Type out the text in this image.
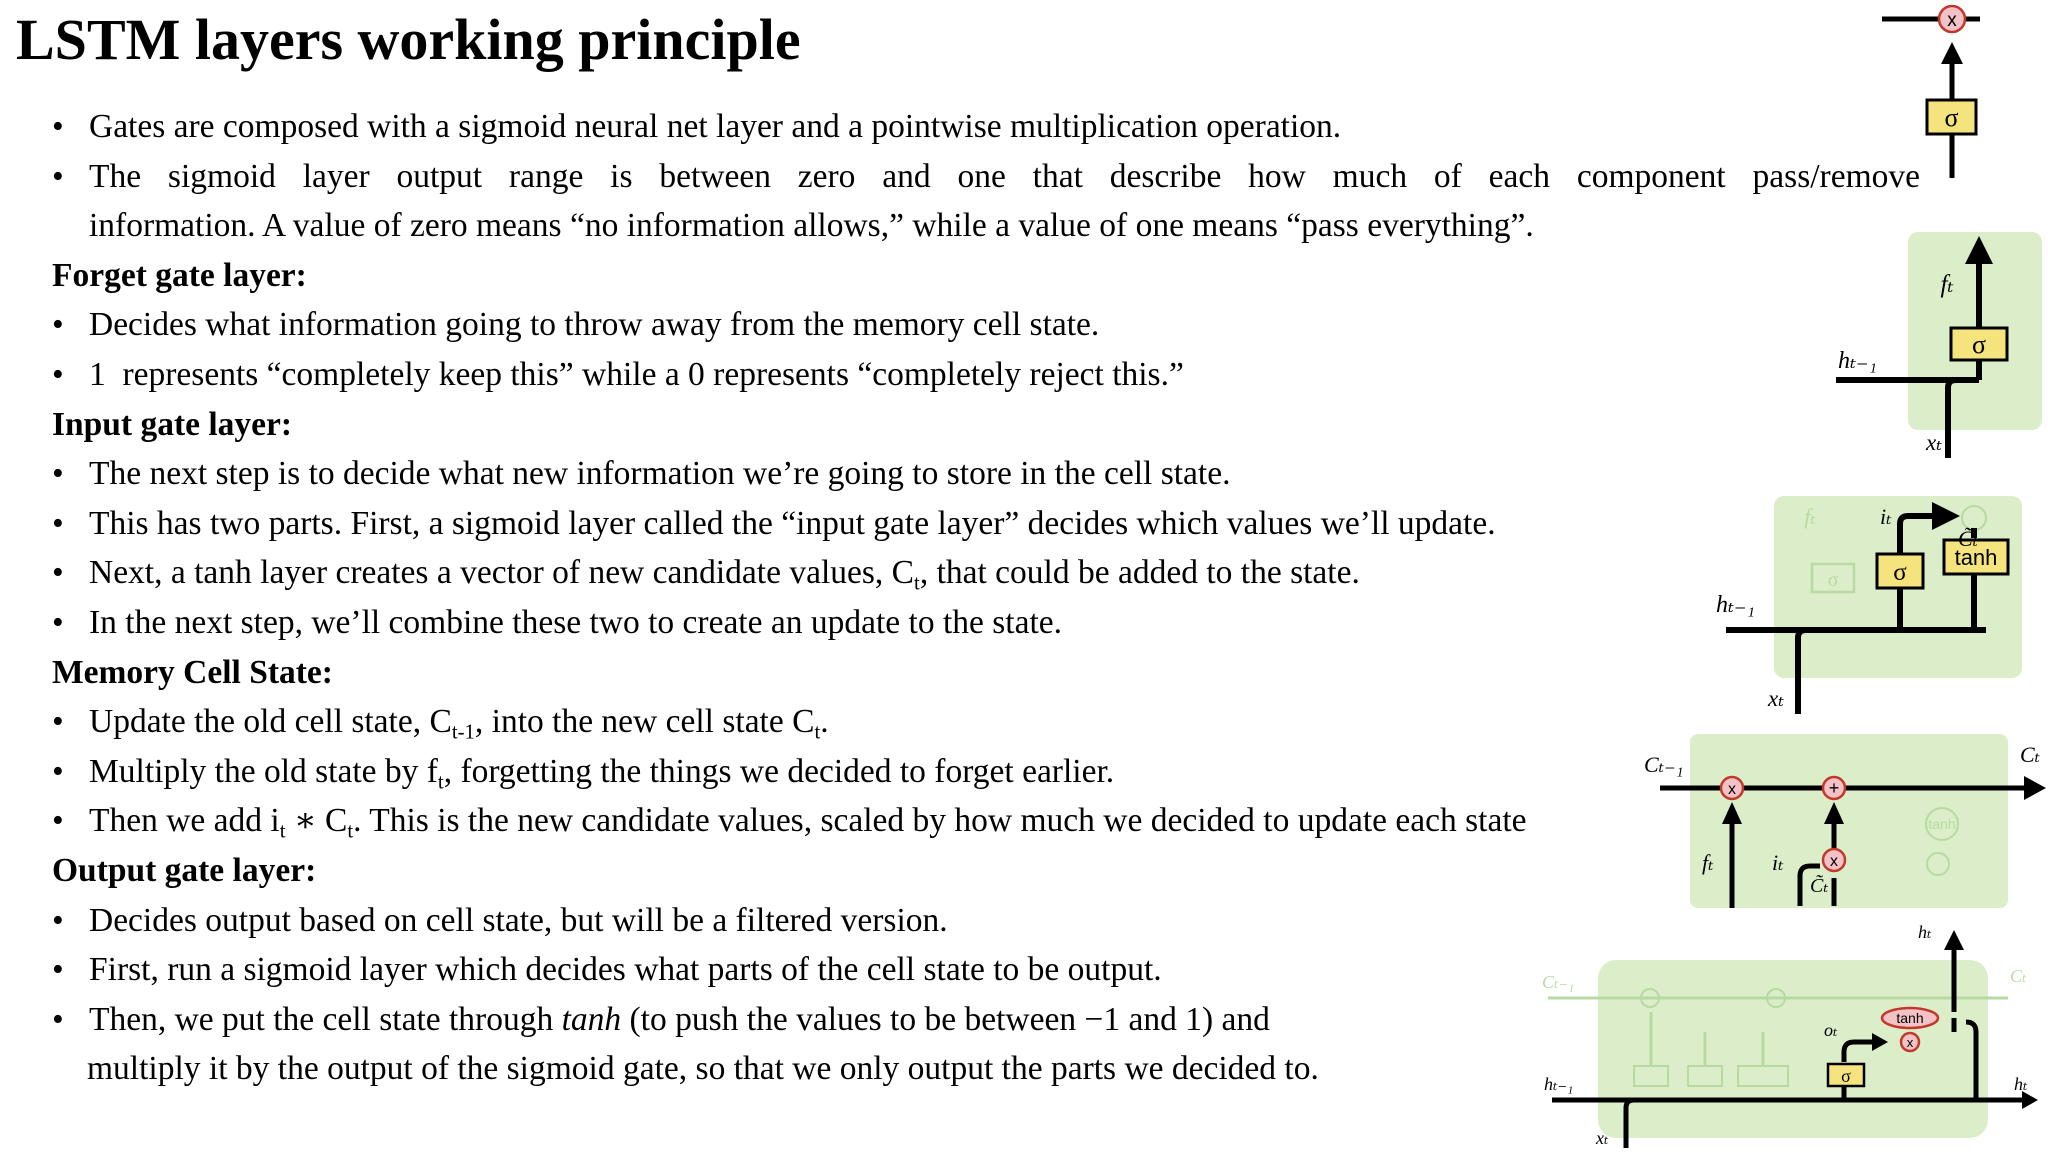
LSTM layers working principle
• Gates are composed with a sigmoid neural net layer and a pointwise multiplication operation.
• The sigmoid layer output range is between zero and one that describe how much of each component pass/remove
information. A value of zero means “no information allows,” while a value of one means “pass everything”.
Forget gate layer:
• Decides what information going to throw away from the memory cell state.
• 1  represents “completely keep this” while a 0 represents “completely reject this.”
Input gate layer:
• The next step is to decide what new information we’re going to store in the cell state.
• This has two parts. First, a sigmoid layer called the “input gate layer” decides which values we’ll update.
• Next, a tanh layer creates a vector of new candidate values, $C_t$, that could be added to the state.
• In the next step, we’ll combine these two to create an update to the state.
Memory Cell State:
• Update the old cell state, $C_{t-1}$, into the new cell state $C_t$.
• Multiply the old state by $f_t$, forgetting the things we decided to forget earlier.
• Then we add $i_t$ ∗ $C_t$. This is the new candidate values, scaled by how much we decided to update each state
Output gate layer:
• Decides output based on cell state, but will be a filtered version.
• First, run a sigmoid layer which decides what parts of the cell state to be output.
• Then, we put the cell state through tanh (to push the values to be between −1 and 1) and
multiply it by the output of the sigmoid gate, so that we only output the parts we decided to.
σ
x
σ
fₜ
hₜ₋₁
xₜ
fₜ
σ σ
tanh
iₜ
C̃ₜ
hₜ₋₁
xₜ
tanh
x	+
x
Cₜ₋₁	Cₜ
fₜ	iₜ
C̃ₜ
Cₜ₋₁	Cₜ
tanh
x
σ
hₜ
oₜ
hₜ₋₁	hₜ
xₜ
